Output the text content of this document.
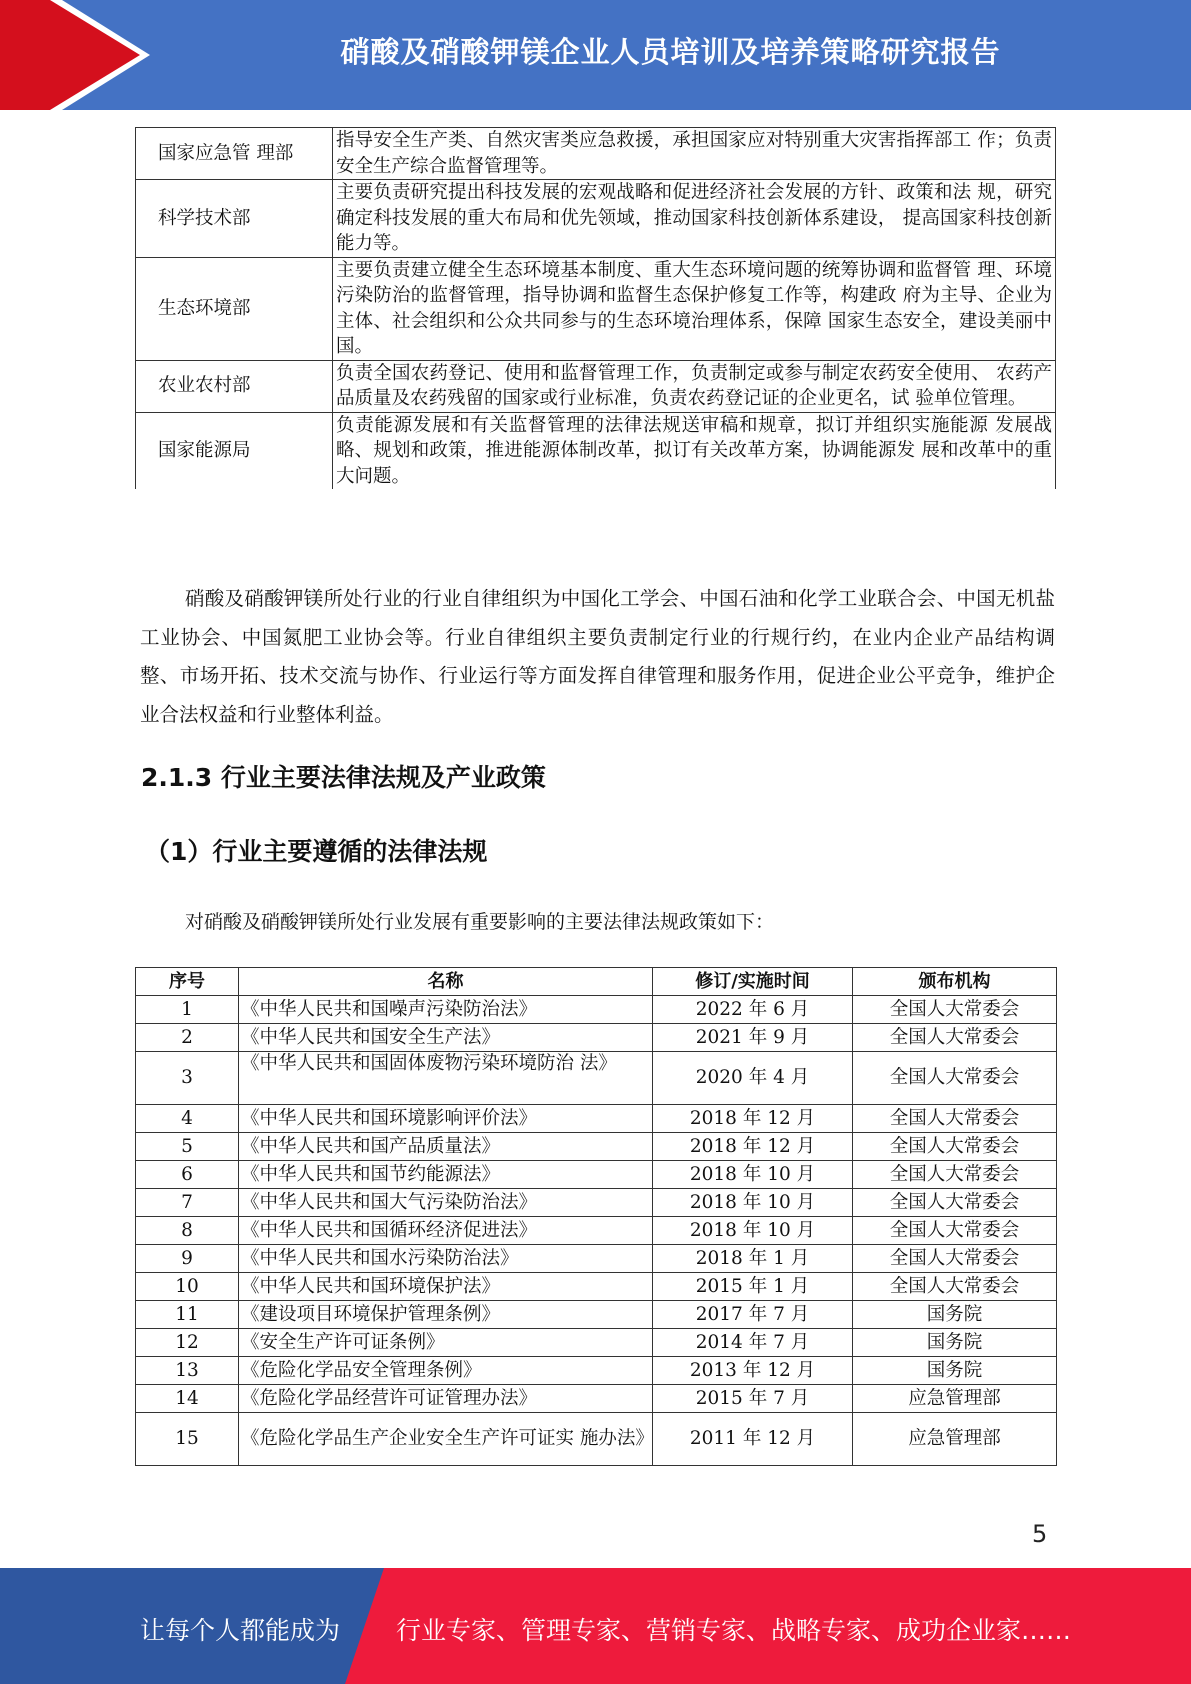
硝酸及硝酸钾镁企业人员培训及培养策略研究报告
国家应急管 理部	指导安全生产类、自然灾害类应急救援，承担国家应对特别重大灾害指挥部工 作；负责安全生产综合监督管理等。
科学技术部	主要负责研究提出科技发展的宏观战略和促进经济社会发展的方针、政策和法 规，研究确定科技发展的重大布局和优先领域，推动国家科技创新体系建设， 提高国家科技创新能力等。
生态环境部	主要负责建立健全生态环境基本制度、重大生态环境问题的统筹协调和监督管 理、环境污染防治的监督管理，指导协调和监督生态保护修复工作等，构建政 府为主导、企业为主体、社会组织和公众共同参与的生态环境治理体系，保障 国家生态安全，建设美丽中国。
农业农村部	负责全国农药登记、使用和监督管理工作，负责制定或参与制定农药安全使用、 农药产品质量及农药残留的国家或行业标准，负责农药登记证的企业更名，试 验单位管理。
国家能源局	负责能源发展和有关监督管理的法律法规送审稿和规章，拟订并组织实施能源 发展战略、规划和政策，推进能源体制改革，拟订有关改革方案，协调能源发 展和改革中的重大问题。

硝酸及硝酸钾镁所处行业的行业自律组织为中国化工学会、中国石油和化学工业联合会、中国无机盐工业协会、中国氮肥工业协会等。行业自律组织主要负责制定行业的行规行约，在业内企业产品结构调整、市场开拓、技术交流与协作、行业运行等方面发挥自律管理和服务作用，促进企业公平竞争，维护企业合法权益和行业整体利益。

2.1.3 行业主要法律法规及产业政策
（1）行业主要遵循的法律法规

对硝酸及硝酸钾镁所处行业发展有重要影响的主要法律法规政策如下：

序号	名称	修订/实施时间	颁布机构
1	《中华人民共和国噪声污染防治法》	2022 年 6 月	全国人大常委会
2	《中华人民共和国安全生产法》	2021 年 9 月	全国人大常委会
3	《中华人民共和国固体废物污染环境防治 法》	2020 年 4 月	全国人大常委会
4	《中华人民共和国环境影响评价法》	2018 年 12 月	全国人大常委会
5	《中华人民共和国产品质量法》	2018 年 12 月	全国人大常委会
6	《中华人民共和国节约能源法》	2018 年 10 月	全国人大常委会
7	《中华人民共和国大气污染防治法》	2018 年 10 月	全国人大常委会
8	《中华人民共和国循环经济促进法》	2018 年 10 月	全国人大常委会
9	《中华人民共和国水污染防治法》	2018 年 1 月	全国人大常委会
10	《中华人民共和国环境保护法》	2015 年 1 月	全国人大常委会
11	《建设项目环境保护管理条例》	2017 年 7 月	国务院
12	《安全生产许可证条例》	2014 年 7 月	国务院
13	《危险化学品安全管理条例》	2013 年 12 月	国务院
14	《危险化学品经营许可证管理办法》	2015 年 7 月	应急管理部
15	《危险化学品生产企业安全生产许可证实 施办法》	2011 年 12 月	应急管理部
5
让每个人都能成为 行业专家、管理专家、营销专家、战略专家、成功企业家……
